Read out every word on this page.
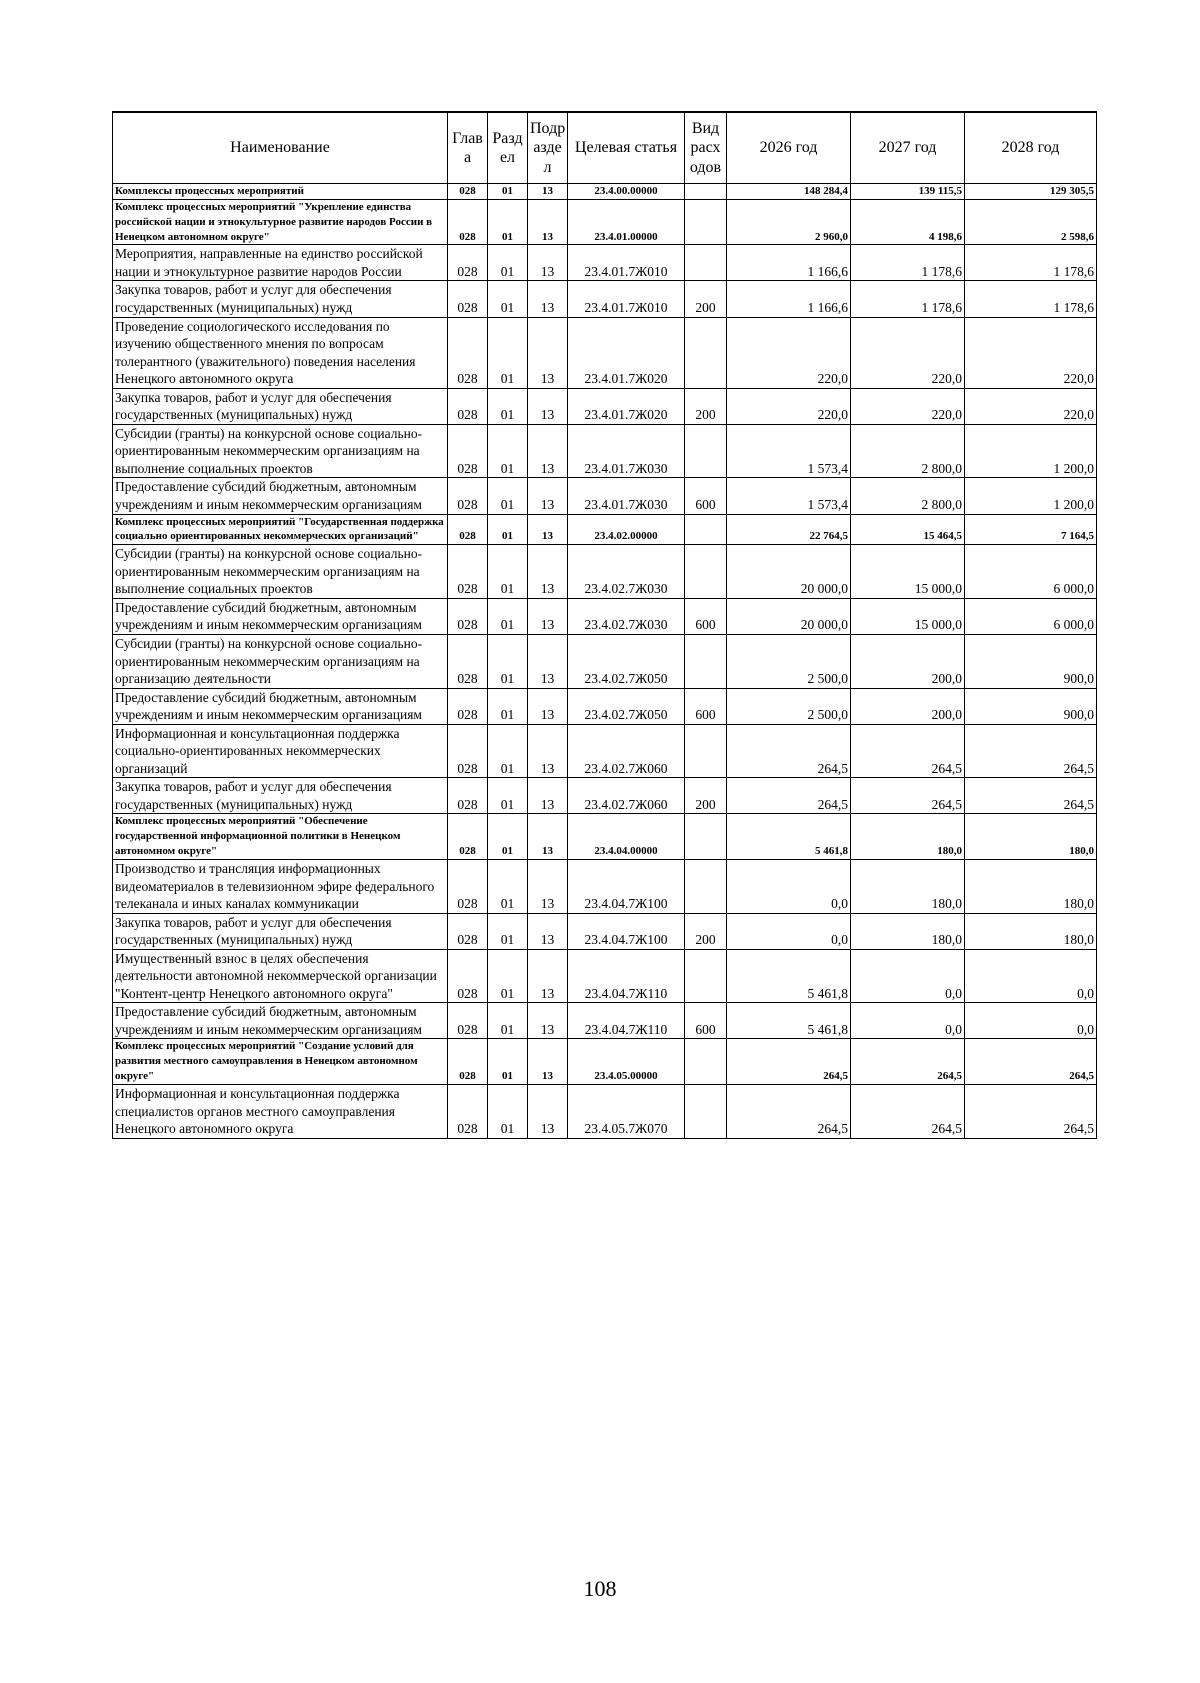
Наименование	Глав а	Разд ел	Подр азде л	Целевая статья	Вид расх одов	2026 год	2027 год	2028 год
Комплексы процессных мероприятий	028	01	13	23.4.00.00000		148 284,4	139 115,5	129 305,5
Комплекс процессных мероприятий "Укрепление единства российской нации и этнокультурное развитие народов России в Ненецком автономном округе"	028	01	13	23.4.01.00000		2 960,0	4 198,6	2 598,6
Мероприятия, направленные на единство российской нации и этнокультурное развитие народов России	028	01	13	23.4.01.7Ж010		1 166,6	1 178,6	1 178,6
Закупка товаров, работ и услуг для обеспечения государственных (муниципальных) нужд	028	01	13	23.4.01.7Ж010	200	1 166,6	1 178,6	1 178,6
Проведение социологического исследования по изучению общественного мнения по вопросам толерантного (уважительного) поведения населения Ненецкого автономного округа	028	01	13	23.4.01.7Ж020		220,0	220,0	220,0
Закупка товаров, работ и услуг для обеспечения государственных (муниципальных) нужд	028	01	13	23.4.01.7Ж020	200	220,0	220,0	220,0
Субсидии (гранты) на конкурсной основе социально-ориентированным некоммерческим организациям на выполнение социальных проектов	028	01	13	23.4.01.7Ж030		1 573,4	2 800,0	1 200,0
Предоставление субсидий бюджетным, автономным учреждениям и иным некоммерческим организациям	028	01	13	23.4.01.7Ж030	600	1 573,4	2 800,0	1 200,0
Комплекс процессных мероприятий "Государственная поддержка социально ориентированных некоммерческих организаций"	028	01	13	23.4.02.00000		22 764,5	15 464,5	7 164,5
Субсидии (гранты) на конкурсной основе социально-ориентированным некоммерческим организациям на выполнение социальных проектов	028	01	13	23.4.02.7Ж030		20 000,0	15 000,0	6 000,0
Предоставление субсидий бюджетным, автономным учреждениям и иным некоммерческим организациям	028	01	13	23.4.02.7Ж030	600	20 000,0	15 000,0	6 000,0
Субсидии (гранты) на конкурсной основе социально-ориентированным некоммерческим организациям на организацию деятельности	028	01	13	23.4.02.7Ж050		2 500,0	200,0	900,0
Предоставление субсидий бюджетным, автономным учреждениям и иным некоммерческим организациям	028	01	13	23.4.02.7Ж050	600	2 500,0	200,0	900,0
Информационная и консультационная поддержка социально-ориентированных некоммерческих организаций	028	01	13	23.4.02.7Ж060		264,5	264,5	264,5
Закупка товаров, работ и услуг для обеспечения государственных (муниципальных) нужд	028	01	13	23.4.02.7Ж060	200	264,5	264,5	264,5
Комплекс процессных мероприятий "Обеспечение государственной информационной политики в Ненецком автономном округе"	028	01	13	23.4.04.00000		5 461,8	180,0	180,0
Производство и трансляция информационных видеоматериалов в телевизионном эфире федерального телеканала и иных каналах коммуникации	028	01	13	23.4.04.7Ж100		0,0	180,0	180,0
Закупка товаров, работ и услуг для обеспечения государственных (муниципальных) нужд	028	01	13	23.4.04.7Ж100	200	0,0	180,0	180,0
Имущественный взнос в целях обеспечения деятельности автономной некоммерческой организации "Контент-центр Ненецкого автономного округа"	028	01	13	23.4.04.7Ж110		5 461,8	0,0	0,0
Предоставление субсидий бюджетным, автономным учреждениям и иным некоммерческим организациям	028	01	13	23.4.04.7Ж110	600	5 461,8	0,0	0,0
Комплекс процессных мероприятий "Создание условий для развития местного самоуправления в Ненецком автономном округе"	028	01	13	23.4.05.00000		264,5	264,5	264,5
Информационная и консультационная поддержка специалистов органов местного самоуправления Ненецкого автономного округа	028	01	13	23.4.05.7Ж070		264,5	264,5	264,5
108
